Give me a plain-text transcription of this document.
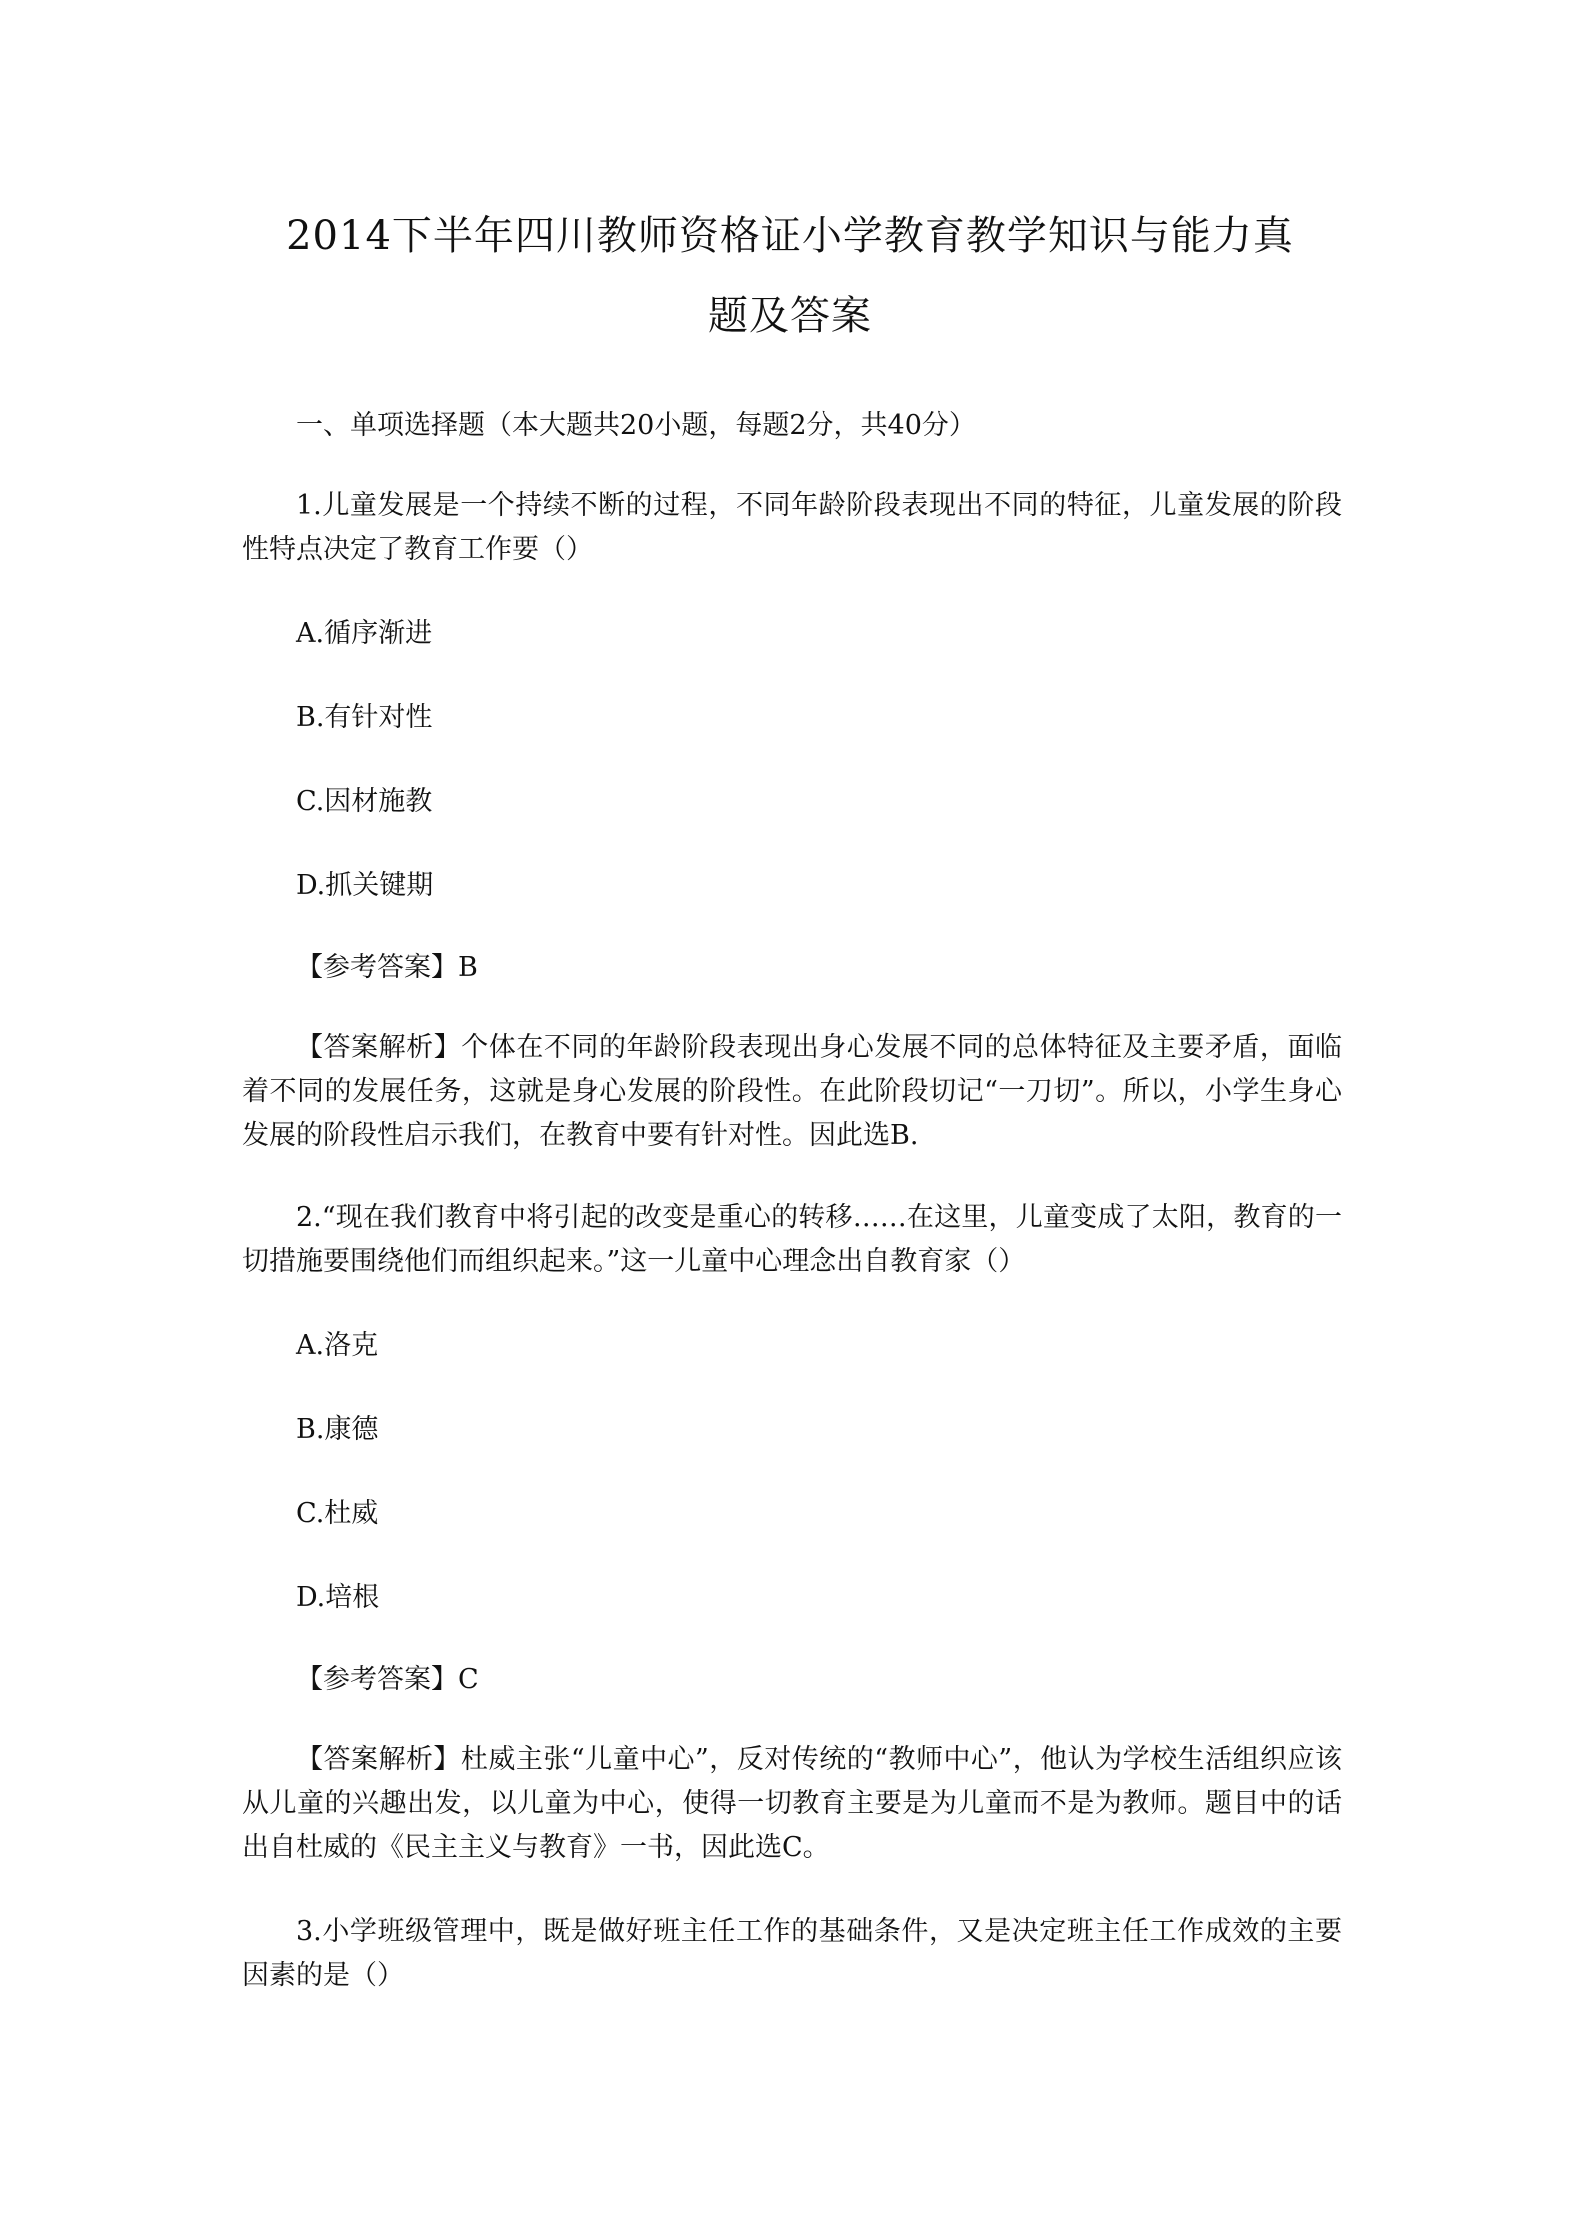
2014下半年四川教师资格证小学教育教学知识与能力真
题及答案

一、单项选择题（本大题共20小题，每题2分，共40分）

1.儿童发展是一个持续不断的过程，不同年龄阶段表现出不同的特征，儿童发展的阶段性特点决定了教育工作要（）

A.循序渐进

B.有针对性

C.因材施教

D.抓关键期

【参考答案】B

【答案解析】个体在不同的年龄阶段表现出身心发展不同的总体特征及主要矛盾，面临着不同的发展任务，这就是身心发展的阶段性。在此阶段切记“一刀切”。所以，小学生身心发展的阶段性启示我们，在教育中要有针对性。因此选B.

2.“现在我们教育中将引起的改变是重心的转移……在这里，儿童变成了太阳，教育的一切措施要围绕他们而组织起来。”这一儿童中心理念出自教育家（）

A.洛克

B.康德

C.杜威

D.培根

【参考答案】C

【答案解析】杜威主张“儿童中心”，反对传统的“教师中心”，他认为学校生活组织应该从儿童的兴趣出发，以儿童为中心，使得一切教育主要是为儿童而不是为教师。题目中的话出自杜威的《民主主义与教育》一书，因此选C。

3.小学班级管理中，既是做好班主任工作的基础条件，又是决定班主任工作成效的主要因素的是（）
